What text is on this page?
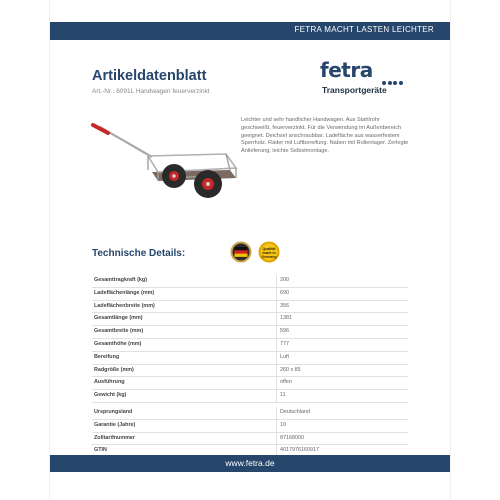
FETRA MACHT LASTEN LEICHTER
Artikeldatenblatt
Art.-Nr.: 6091L Handwagen feuerverzinkt
fetra
Transportgeräte
Leichter und sehr handlicher Handwagen. Aus Stahlrohr geschweißt, feuerverzinkt. Für die Verwendung im Außenbereich geeignet. Deichsel anschraubbar. Ladefläche aus wasserfestem Sperrholz. Räder mit Luftbereifung. Naben mit Rollenlager. Zerlegte Anlieferung, leichte Selbstmontage.
Technische Details:	Qualität made in Germany
Gesamttragkraft (kg)	200
Ladeflächenlänge (mm)	690
Ladeflächenbreite (mm)	356
Gesamtlänge (mm)	1381
Gesamtbreite (mm)	596
Gesamthöhe (mm)	777
Bereifung	Luft
Radgröße (mm)	260 x 85
Ausführung	offen
Gewicht (kg)	11
Ursprungsland	Deutschland
Garantie (Jahre)	10
Zolltarifnummer	87168000
GTIN	4017976160917
www.fetra.de
